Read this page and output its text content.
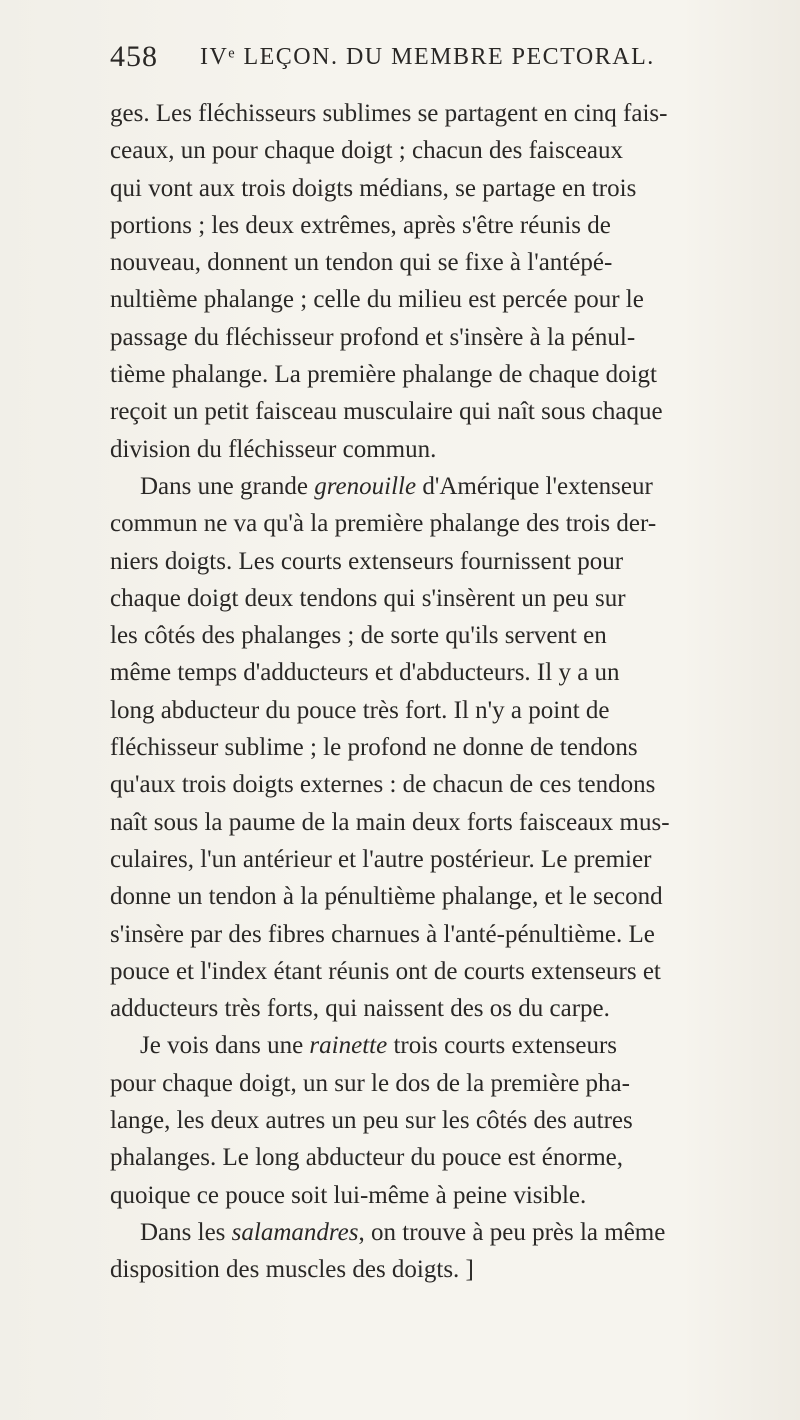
458 IVᵉ LEÇON. DU MEMBRE PECTORAL.
ges. Les fléchisseurs sublimes se partagent en cinq fais-
ceaux, un pour chaque doigt ; chacun des faisceaux
qui vont aux trois doigts médians, se partage en trois
portions ; les deux extrêmes, après s'être réunis de
nouveau, donnent un tendon qui se fixe à l'antépé-
nultième phalange ; celle du milieu est percée pour le
passage du fléchisseur profond et s'insère à la pénul-
tième phalange. La première phalange de chaque doigt
reçoit un petit faisceau musculaire qui naît sous chaque
division du fléchisseur commun.
Dans une grande grenouille d'Amérique l'extenseur
commun ne va qu'à la première phalange des trois der-
niers doigts. Les courts extenseurs fournissent pour
chaque doigt deux tendons qui s'insèrent un peu sur
les côtés des phalanges ; de sorte qu'ils servent en
même temps d'adducteurs et d'abducteurs. Il y a un
long abducteur du pouce très fort. Il n'y a point de
fléchisseur sublime ; le profond ne donne de tendons
qu'aux trois doigts externes : de chacun de ces tendons
naît sous la paume de la main deux forts faisceaux mus-
culaires, l'un antérieur et l'autre postérieur. Le premier
donne un tendon à la pénultième phalange, et le second
s'insère par des fibres charnues à l'anté-pénultième. Le
pouce et l'index étant réunis ont de courts extenseurs et
adducteurs très forts, qui naissent des os du carpe.
Je vois dans une rainette trois courts extenseurs
pour chaque doigt, un sur le dos de la première pha-
lange, les deux autres un peu sur les côtés des autres
phalanges. Le long abducteur du pouce est énorme,
quoique ce pouce soit lui-même à peine visible.
Dans les salamandres, on trouve à peu près la même
disposition des muscles des doigts. ]
